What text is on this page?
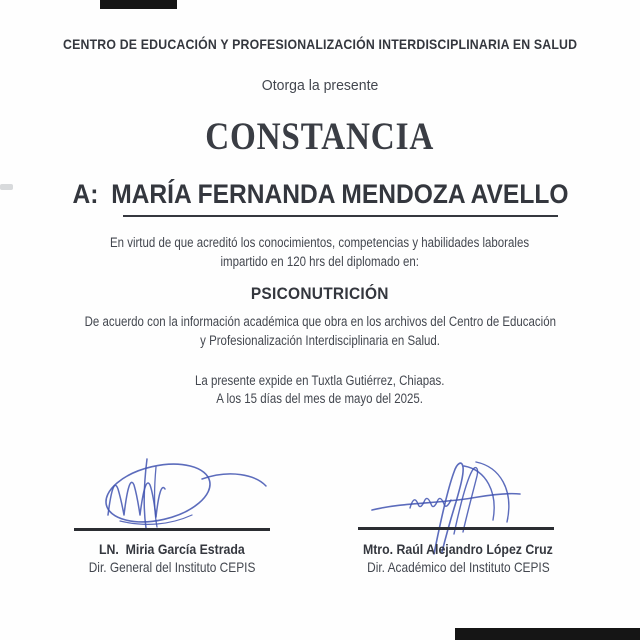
CENTRO DE EDUCACIÓN Y PROFESIONALIZACIÓN INTERDISCIPLINARIA EN SALUD
Otorga la presente
CONSTANCIA
A: MARÍA FERNANDA MENDOZA AVELLO
En virtud de que acreditó los conocimientos, competencias y habilidades laborales
impartido en 120 hrs del diplomado en:
PSICONUTRICIÓN
De acuerdo con la información académica que obra en los archivos del Centro de Educación
y Profesionalización Interdisciplinaria en Salud.
La presente expide en Tuxtla Gutiérrez, Chiapas.
A los 15 días del mes de mayo del 2025.
LN.  Miria García Estrada
Dir. General del Instituto CEPIS
Mtro. Raúl Alejandro López Cruz
Dir. Académico del Instituto CEPIS
